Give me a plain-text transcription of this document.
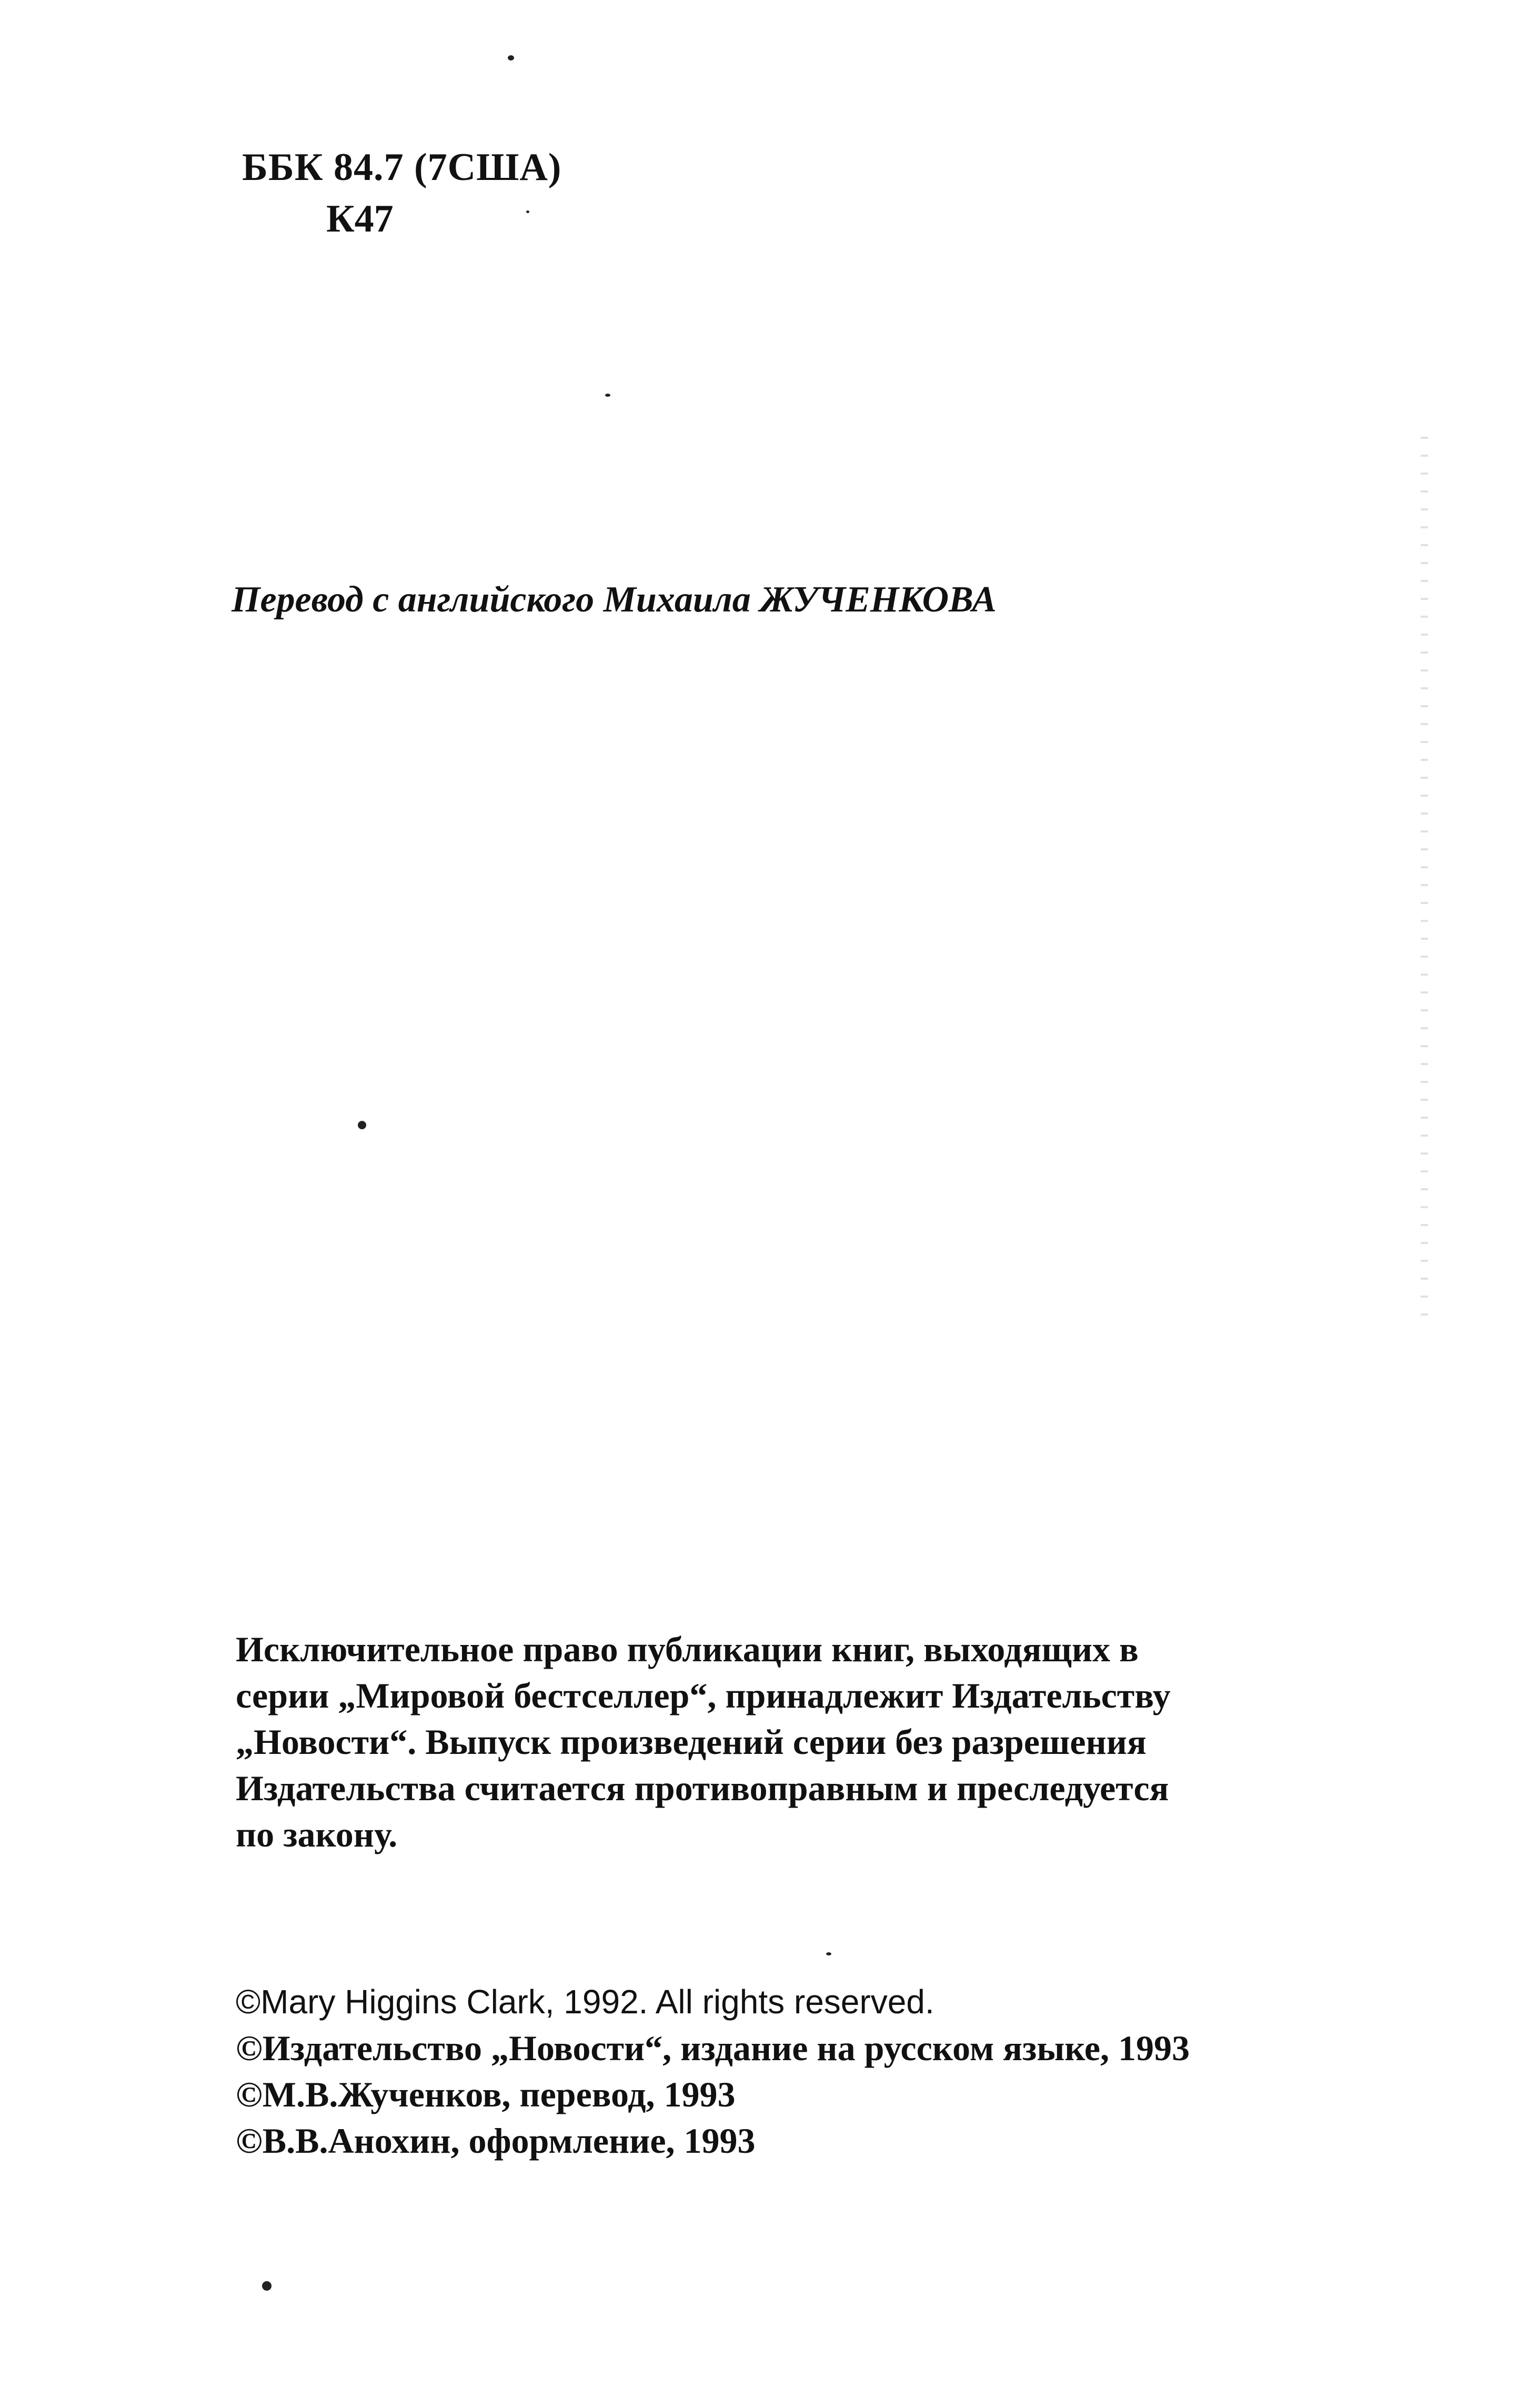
ББК 84.7 (7США)
К47
Перевод с английского Михаила ЖУЧЕНКОВА

Исключительное право публикации книг, выходящих в

серии „Мировой бестселлер“, принадлежит Издательству

„Новости“. Выпуск произведений серии без разрешения

Издательства считается противоправным и преследуется

по закону.

©Mary Higgins Clark, 1992. All rights reserved.
©Издательство „Новости“, издание на русском языке, 1993
©М.В.Жученков, перевод, 1993
©В.В.Анохин, оформление, 1993
